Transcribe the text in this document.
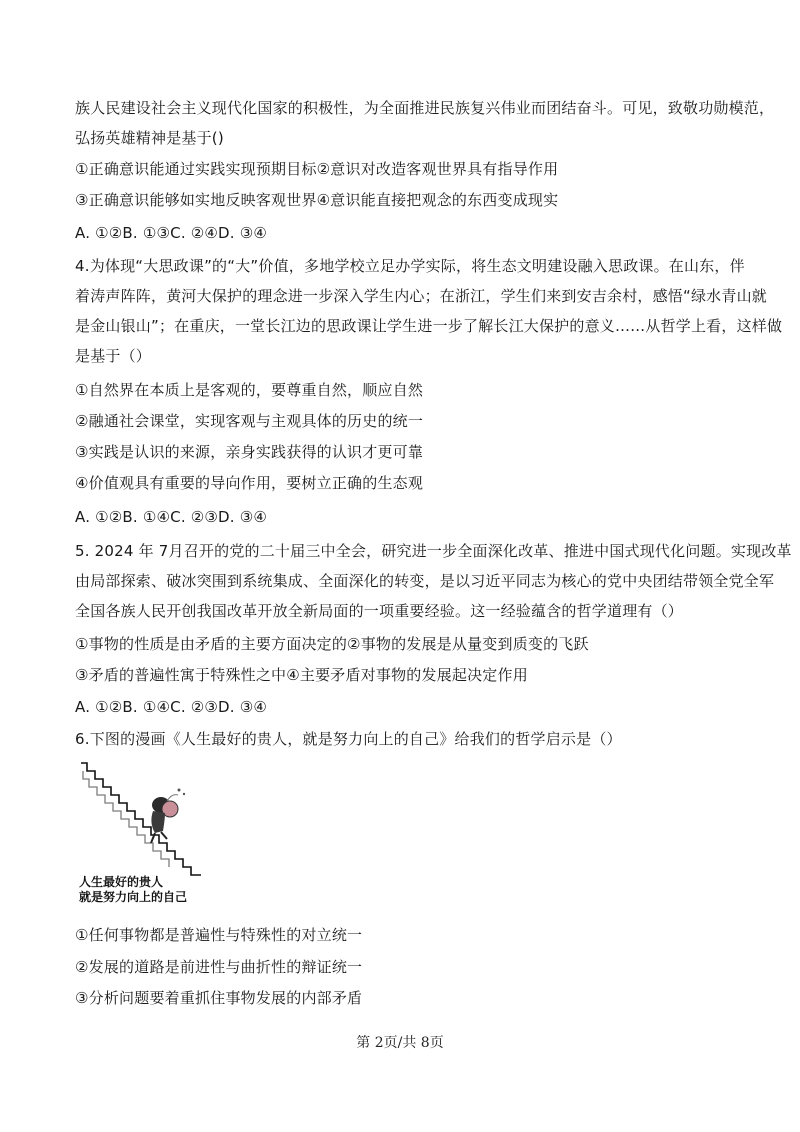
族人民建设社会主义现代化国家的积极性，为全面推进民族复兴伟业而团结奋斗。可见，致敬功勋模范，
弘扬英雄精神是基于()
①正确意识能通过实践实现预期目标②意识对改造客观世界具有指导作用
③正确意识能够如实地反映客观世界④意识能直接把观念的东西变成现实
A. ①②B. ①③C. ②④D. ③④
4.为体现“大思政课”的“大”价值，多地学校立足办学实际，将生态文明建设融入思政课。在山东，伴
着涛声阵阵，黄河大保护的理念进一步深入学生内心；在浙江，学生们来到安吉余村，感悟“绿水青山就
是金山银山”；在重庆，一堂长江边的思政课让学生进一步了解长江大保护的意义……从哲学上看，这样做
是基于（）
①自然界在本质上是客观的，要尊重自然，顺应自然
②融通社会课堂，实现客观与主观具体的历史的统一
③实践是认识的来源，亲身实践获得的认识才更可靠
④价值观具有重要的导向作用，要树立正确的生态观
A. ①②B. ①④C. ②③D. ③④
5. 2024 年 7月召开的党的二十届三中全会，研究进一步全面深化改革、推进中国式现代化问题。实现改革
由局部探索、破冰突围到系统集成、全面深化的转变，是以习近平同志为核心的党中央团结带领全党全军
全国各族人民开创我国改革开放全新局面的一项重要经验。这一经验蕴含的哲学道理有（）
①事物的性质是由矛盾的主要方面决定的②事物的发展是从量变到质变的飞跃
③矛盾的普遍性寓于特殊性之中④主要矛盾对事物的发展起决定作用
A. ①②B. ①④C. ②③D. ③④
6.下图的漫画《人生最好的贵人，就是努力向上的自己》给我们的哲学启示是（）
人生最好的贵人
就是努力向上的自己
①任何事物都是普遍性与特殊性的对立统一
②发展的道路是前进性与曲折性的辩证统一
③分析问题要着重抓住事物发展的内部矛盾
第 2页/共 8页
